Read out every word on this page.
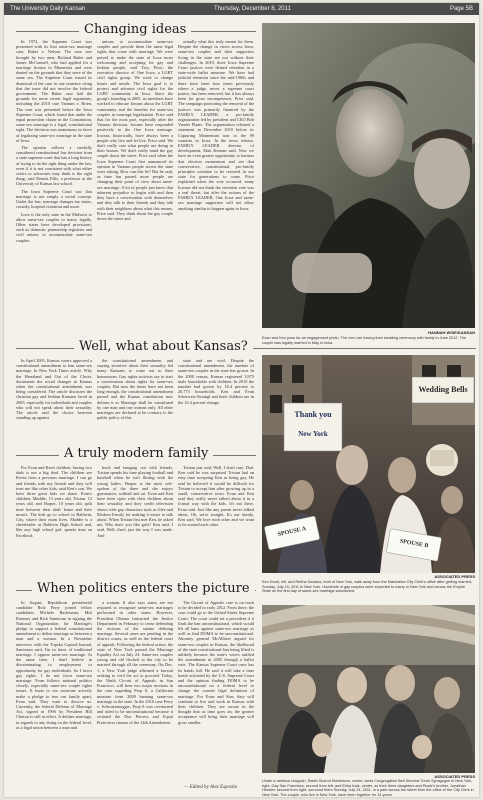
The University Daily Kansan	Thursday, December 8, 2011	Page 5B
Changing ideas

In 1972, the Supreme Court was presented with its first same-sex marriage case, Baker v. Nelson. The case was brought by two men, Richard Baker and James McConnell, who had applied for a marriage license in Minnesota and were denied on the grounds that they were of the same sex. The Supreme Court issued its dismissal of the case in one sentence citing that the issue did not involve the federal government. The Baker case laid the grounds for more recent legal arguments, including the 2010 case Varnum v. Brien. The case was presented before the Iowa Supreme Court, which found that under the equal protection clause in the Constitution, same-sex marriage is a legal, constitutional right. The decision was unanimous in favor of legalizing same-sex marriage in the state of Iowa.

The opinion reflects a carefully considered constitutional law decision from a state supreme court that has a long history of trying to do the right thing under the law, even if it is not consistent with what either critics or advocates may think is the right thing, said Dennis Ellis, a professor at the University of Kansas law school.

The Iowa Supreme Court saw that marriage is not simply a social concept. Under the law, marriage changes tax status, custody, hospital visitation and more.

Iowa is the only state in the Midwest to allow same-sex couples to marry legally. Other states have developed provisions, such as domestic partnership registries and civil unions, to accommodate same-sex couples.

unions, to accommodate same-sex couples and provide them the same legal rights that come with marriage. We were poised to make the state of Iowa more welcoming and accepting for gay and lesbian people, said Troy Price, the executive director of One Iowa, a LGBT civil rights group. We work to change hearts and minds. The Iowa goal is to protect and advance civil rights for the LGBT community in Iowa. Since the group's founding in 2005, its members have worked to educate Iowans about the LGBT community and the benefits for same-sex couples in marriage legalization. Price said that for the most part, especially after the Varnum decision, Iowans have responded positively to the One Iowa message. Iowans, historically, have always been a people who live and let live, Price said. We don't really care what people are doing in their houses. We don't really mind the gay couple down the street. Price said when the Iowa Supreme Court first announced its opinion in Varnum people across the state were asking, How can this be? But he said, as time has passed more people are changing their point of view about same-sex marriage. A lot of people just knew that inherent prejudice to begin with and then they have a conversation with themselves and they talk to their friends and they talk with their neighbors about what this means, Price said. They think about the gay couple down the street and

actually what this truly means for them. Despite the change in views across Iowa, same-sex couples and their supporters living in the state are not without their challenges. In 2010, three Iowa Supreme Court justices were denied retention in a state-wide ballot measure. We have had judicial retention since the mid-1960s and there have been four times previously where a judge, never a supreme court justice, has been removed, but it has always been for gross incompetence, Price said. The campaign promoting the removal of the justices was primarily financed by the FAMILY LEADER, a pro-family organization led by president and CEO Bob Vander Plaats. The organization released a statement in December 2010 before its Capturing Momentum tour to the 99 counties in Iowa. In the news release, FAMILY LEADER director of development, Matt Keenan said, Now we have an even greater opportunity to harness that election momentum and see that conservative, constitutional, pro-family principles continue to be restored in our state for generations to come. Price explained when the vote occurred, many Iowans did not think the retention vote was a real threat, but after the actions of the FAMILY LEADER, One Iowa and same-sex marriage supporters will not allow anything similar to happen again in Iowa.

HANNAH WISE/KANSAN
Evan and Ken pose for an engagement photo. The men are having their wedding ceremony with family in June 2012. The couple was legally married in May in Iowa.
Well, what about Kansas?

In April 2005, Kansas voters approved a constitutional amendment to ban same-sex marriage. In New York Times article, Why the Heartland and Out of the Closet, documents the social changes in Kansas when the constitutional amendment was being considered. The article discusses the christian gay and lesbian Kansans faced in 2005, especially for individuals and couples who will not speak about their sexuality. The article said the choice between standing up against

the constitutional amendment and staying secretive about their sexuality led many Kansans to come out to their hometowns. Gay rights activists say to start a conversation about rights for same-sex couples. But now the times have not been long enough, the constitutional amendment passed and the Kansas constitution now defines it as Marriage shall be constituted by one man and one woman only. All other marriages are declared to be contrary to the public policy of this

state and are void. Despite the constitutional amendment, the number of same-sex couples in the state has grown. In the 2000 census, Kansas registered 3,973 male households with children. In 2010 the number had grown by 16.4 percent to 20,773 households. Ken and Evan Scherweis-Stoakgl and their children are in the 16.4 percent change.

A truly modern family

For Evan and Ken's children, having two dads is not a big deal. The children see Kevin from a previous marriage. I can go and friends with my friends and they will treat me like other kids, said Ken's son. We have three great kids we share. Evan's children, Maddie, 13 years old, Tristan, 12 years old, and Harper, 10 years old, split time between their dads' home and their mom's. The kids go to school in Baldwin, City, where their mom lives. Maddie is a cheerleader at Baldwin High School and, like any high school girl, spends time on Facebook

book and hanging out with friends. Tristan spends his time playing football and baseball when he isn't flirting with the young ladies. Harper is the most soft-spoken of the three and she enjoys gymnastics, softball and art. Evan and Ken have been open with their children about their sexuality and they credit television shows with gay characters such as Glee and Modern Family for making it easier to talk about. When Tristan first met Ken, he asked me, Who don't you like girls? Ken said. I said, Well, that's just the way I was made. And

Tristan just said, Well, I don't care, Dad. Ken said he was surprised Tristan had an easy time accepting Ken as being gay. He said he believed it would be difficult for Tristan to accept him after growing up in a small, conservative town. Evan and Ken said they really never talked about it in a formal way with the kids. It's not there, Evan said. Just like any parent never talked about, Oh, we're straight. It's our family, Ken said. We love each other and we want to be around each other.

Wedding Bells
Thank you
New York
SPOUSE A
SPOUSE B
ASSOCIATED PRESS
Ken Dodd, left, and Reitha Davalos, both of New York, walk away from the Manhattan City Clerk's office after getting married, Sunday, July 24, 2011 in New York. Hundreds of gay couples were expected to marry in New York and across the Empire State on the first day of same-sex marriage sanctioned.
When politics enters the picture

In August, Republican presidential candidate Rick Perry joined fellow candidates Michele Bachmann, Mitt Romney and Rick Santorum in signing the National Organization for Marriage's pledge to support a federal constitutional amendment to define marriage as between a man and a woman. In a November interview with the Topeka Capital-Journal, Santorum said, I'm in favor of traditional marriage. I oppose same-sex marriage. At the same time, I don't believe in discriminating to employment or opportunity for gay individuals. So I favor gay rights. I do not favor same-sex marriage. Evan follows national politics closely, especially same-sex couple rights issues. It hurts to see someone actively make a pledge to tear our family apart, Evan said. They want to divorce us. Currently, the federal Defense of Marriage Act, signed in 1996 by President Bill Clinton is still in effect. It defines marriage, in regards to any doing on the federal level, as a legal union between a man and

a woman. It also says states are not required to recognize same-sex marriages performed in other states. However, President Obama instructed the Justice Department in February to cease defending the sections of the statute defining marriage. Several cases are pending in the district courts, as well as the federal court of appeals. Following the federal action, the state of New York passed the Marriage Equality Act on July 24. Same-sex couples young and old flocked to the city to be married through all the ceremony. On Dec. 1, a New York judge affirmed a lawsuit seeking to void the act to proceed. Today, the Ninth Circuit of Appeals in San Francisco, will hear two major motions in the case regarding Prop 8, a California measure from 2008 banning same-sex marriage in the state. In the 2010 case Perry v. Schwarzenegger, Prop 8 was overturned and ruled to be unconstitutional because it violated the Due Process and Equal Protection clauses of the 14th Amendment.

The Circuit of Appeals case is on track to be decided in early 2012. From there, the case could go to the United States Supreme Court. The court could set a precedent if it finds the ban unconstitutional, which would lift all bans against same-sex marriage as well as find DOMA to be unconstitutional. Attorney general McAllister argued for same-sex couples in Kansas, the likelihood of the state constitutional ban being lifted is unlikely because the state's voters ratified the amendment in 2005 through a ballot vote. The Kansas Supreme Court once has its hands full. He said it will take a time bomb activated by the U.S. Supreme Court and the opinion finding DOMA to be unconstitutional on a federal level to change the current legal definition of marriage. For Evan and Ken, they will continue to live and work in Kansas with their children. They are secure in the thought that as time goes on, the greater acceptance will bring their marriage will grow smaller.

— Edited by Alex Esposito
ASSOCIATED PRESS
Under a rainbow chuppah, Rabbi Sharon Kleinbaum, center, weds Congregation Beit Simchat Torah Synagogue in New York, right, Gay San Francisco, second from left, and Erika Katz, center, as their three daughters and Rosie's brother, Jonathan Hessler, second from right, surround them Sunday, July 24, 2011, in a park across the street from the office of the City Clerk in New York. The couple, who live in New York, have been together for 14 years.
